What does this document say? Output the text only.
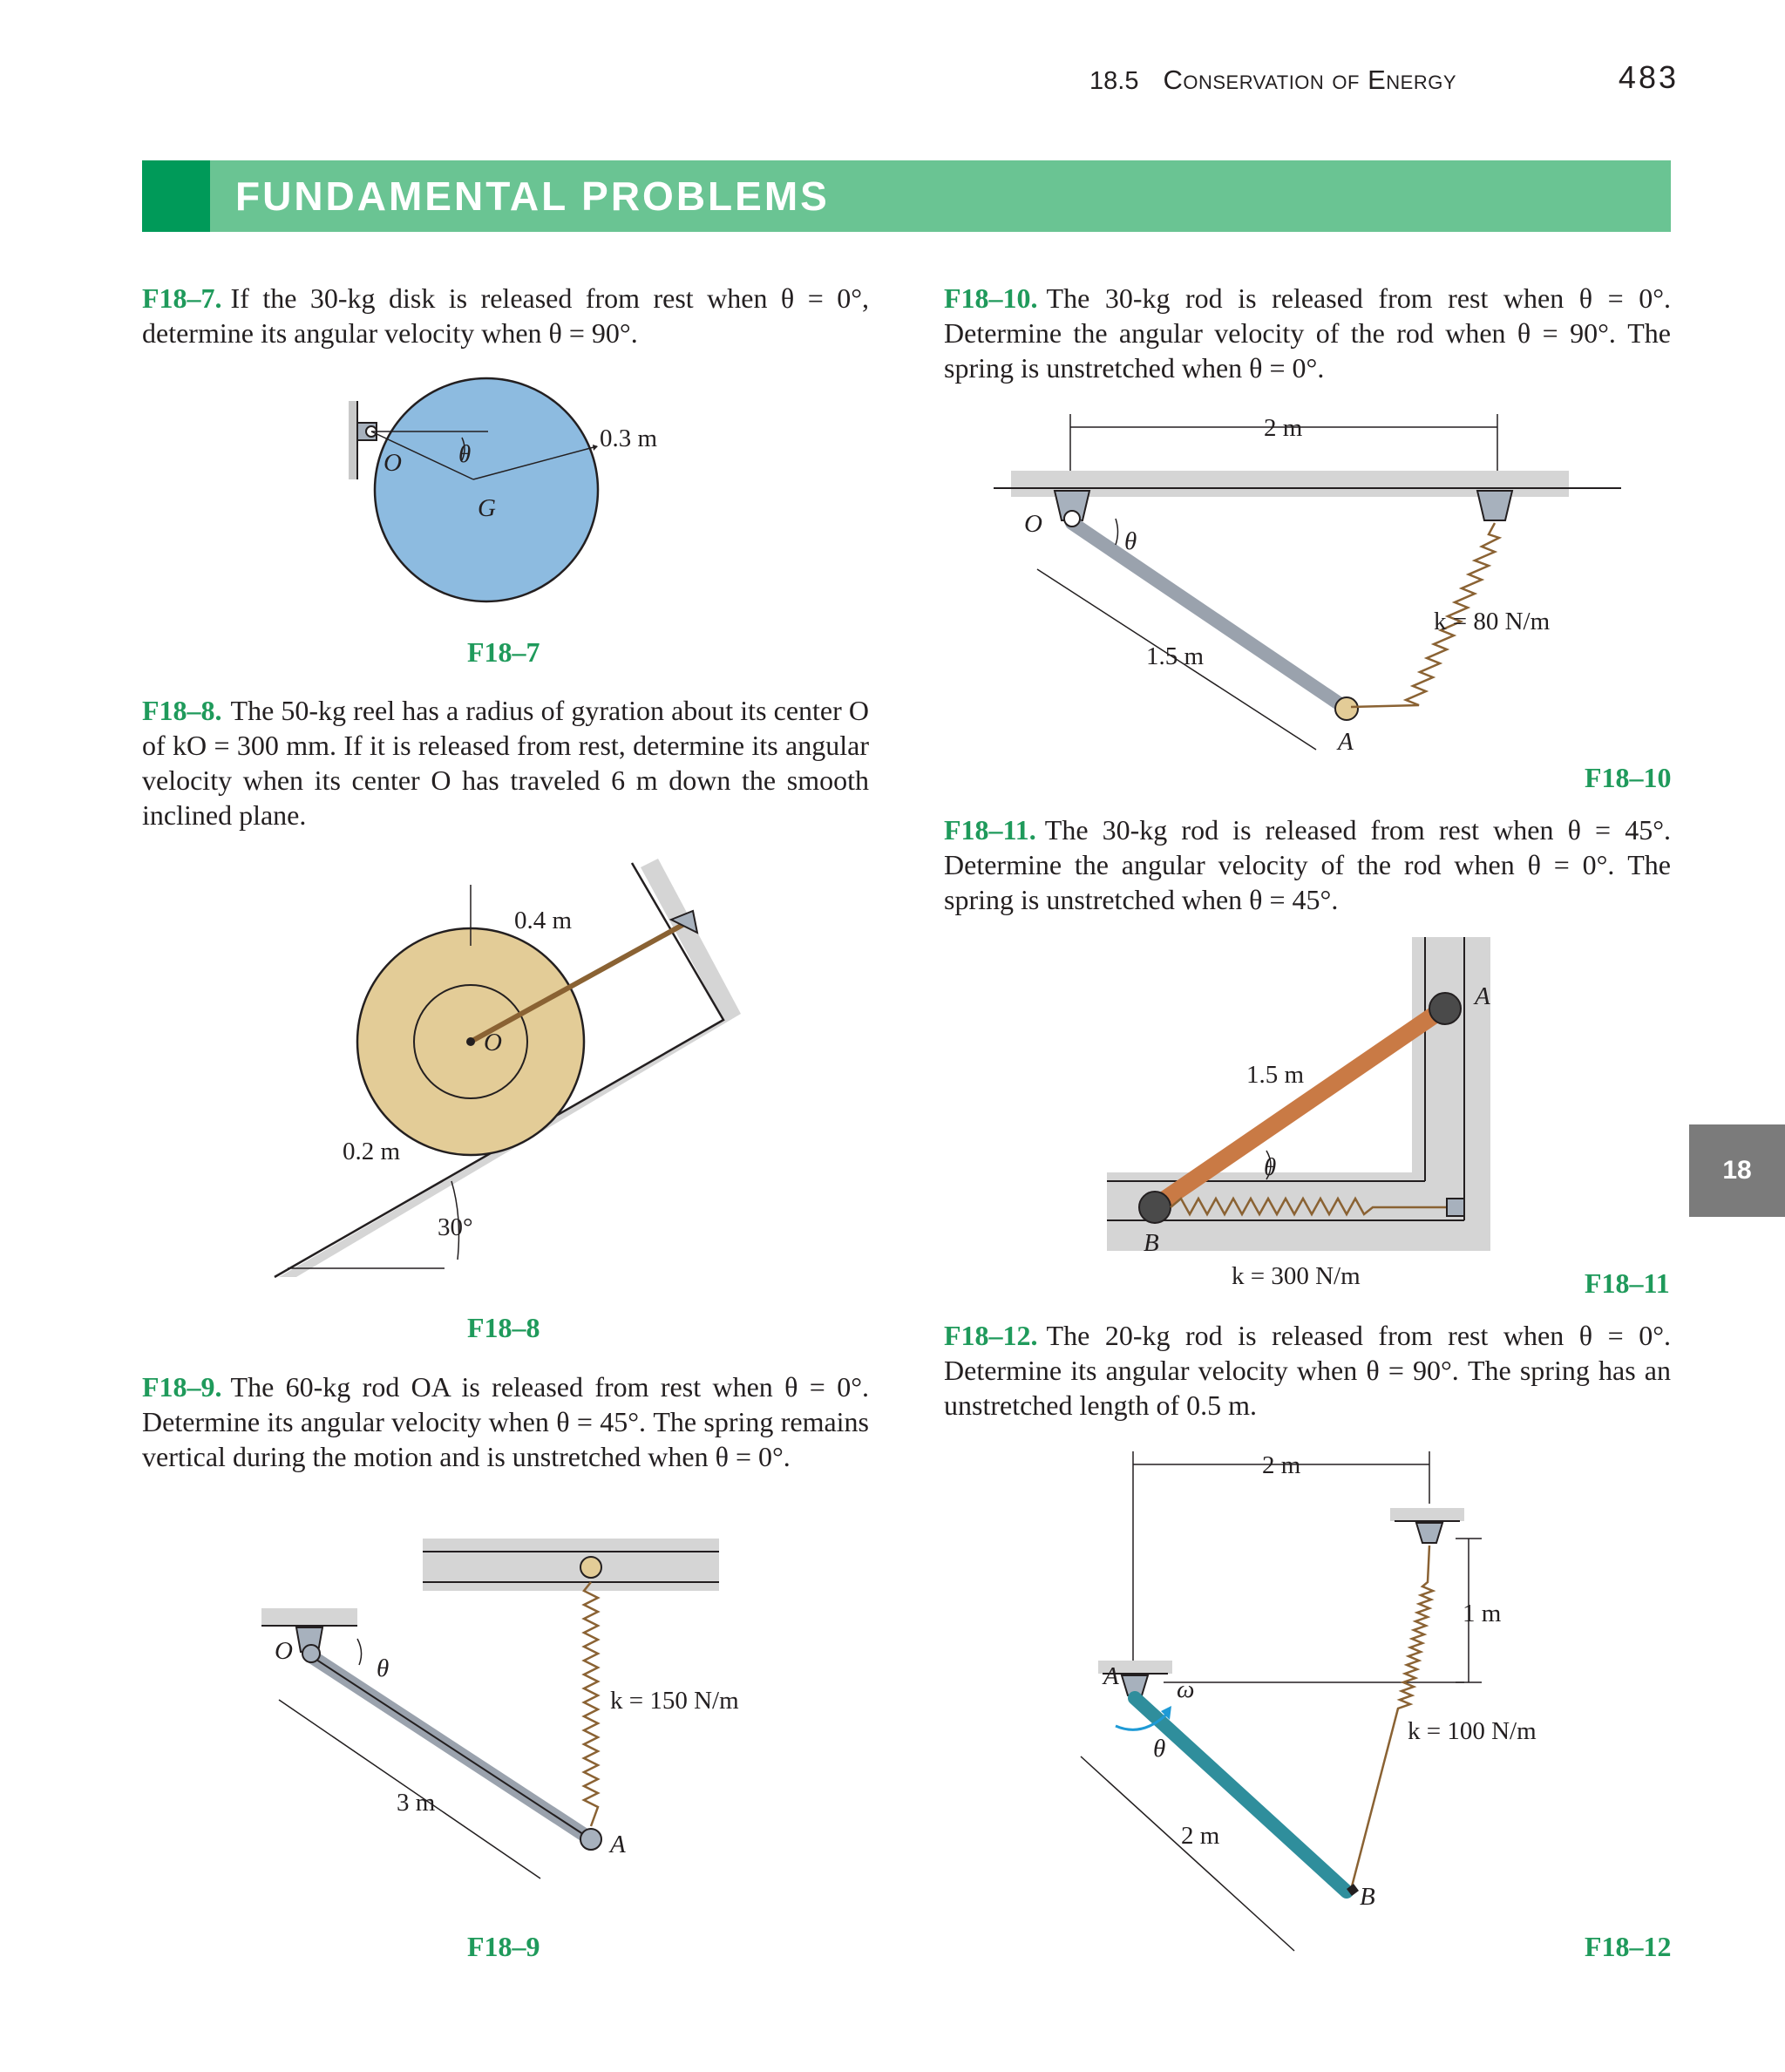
18.5 Conservation of Energy	483
FUNDAMENTAL PROBLEMS
F18–7. If the 30-kg disk is released from rest when θ = 0°, determine its angular velocity when θ = 90°.
0.3 m
O θ
G
F18–7
F18–8. The 50-kg reel has a radius of gyration about its center O of kO = 300 mm. If it is released from rest, determine its angular velocity when its center O has traveled 6 m down the smooth inclined plane.
0.4 m
O
0.2 m
30°
F18–8
F18–9. The 60-kg rod OA is released from rest when θ = 0°. Determine its angular velocity when θ = 45°. The spring remains vertical during the motion and is unstretched when θ = 0°.
O
θ
k = 150 N/m
3 m
A
F18–9
F18–10. The 30-kg rod is released from rest when θ = 0°. Determine the angular velocity of the rod when θ = 90°. The spring is unstretched when θ = 0°.
2 m
O
θ
k = 80 N/m
1.5 m
A
F18–10
F18–11. The 30-kg rod is released from rest when θ = 45°. Determine the angular velocity of the rod when θ = 0°. The spring is unstretched when θ = 45°.
A
1.5 m
θ
B
k = 300 N/m	F18–11
F18–12. The 20-kg rod is released from rest when θ = 0°. Determine its angular velocity when θ = 90°. The spring has an unstretched length of 0.5 m.
2 m
1 m
A ω
k = 100 N/m
θ
2 m
B
F18–12
18
